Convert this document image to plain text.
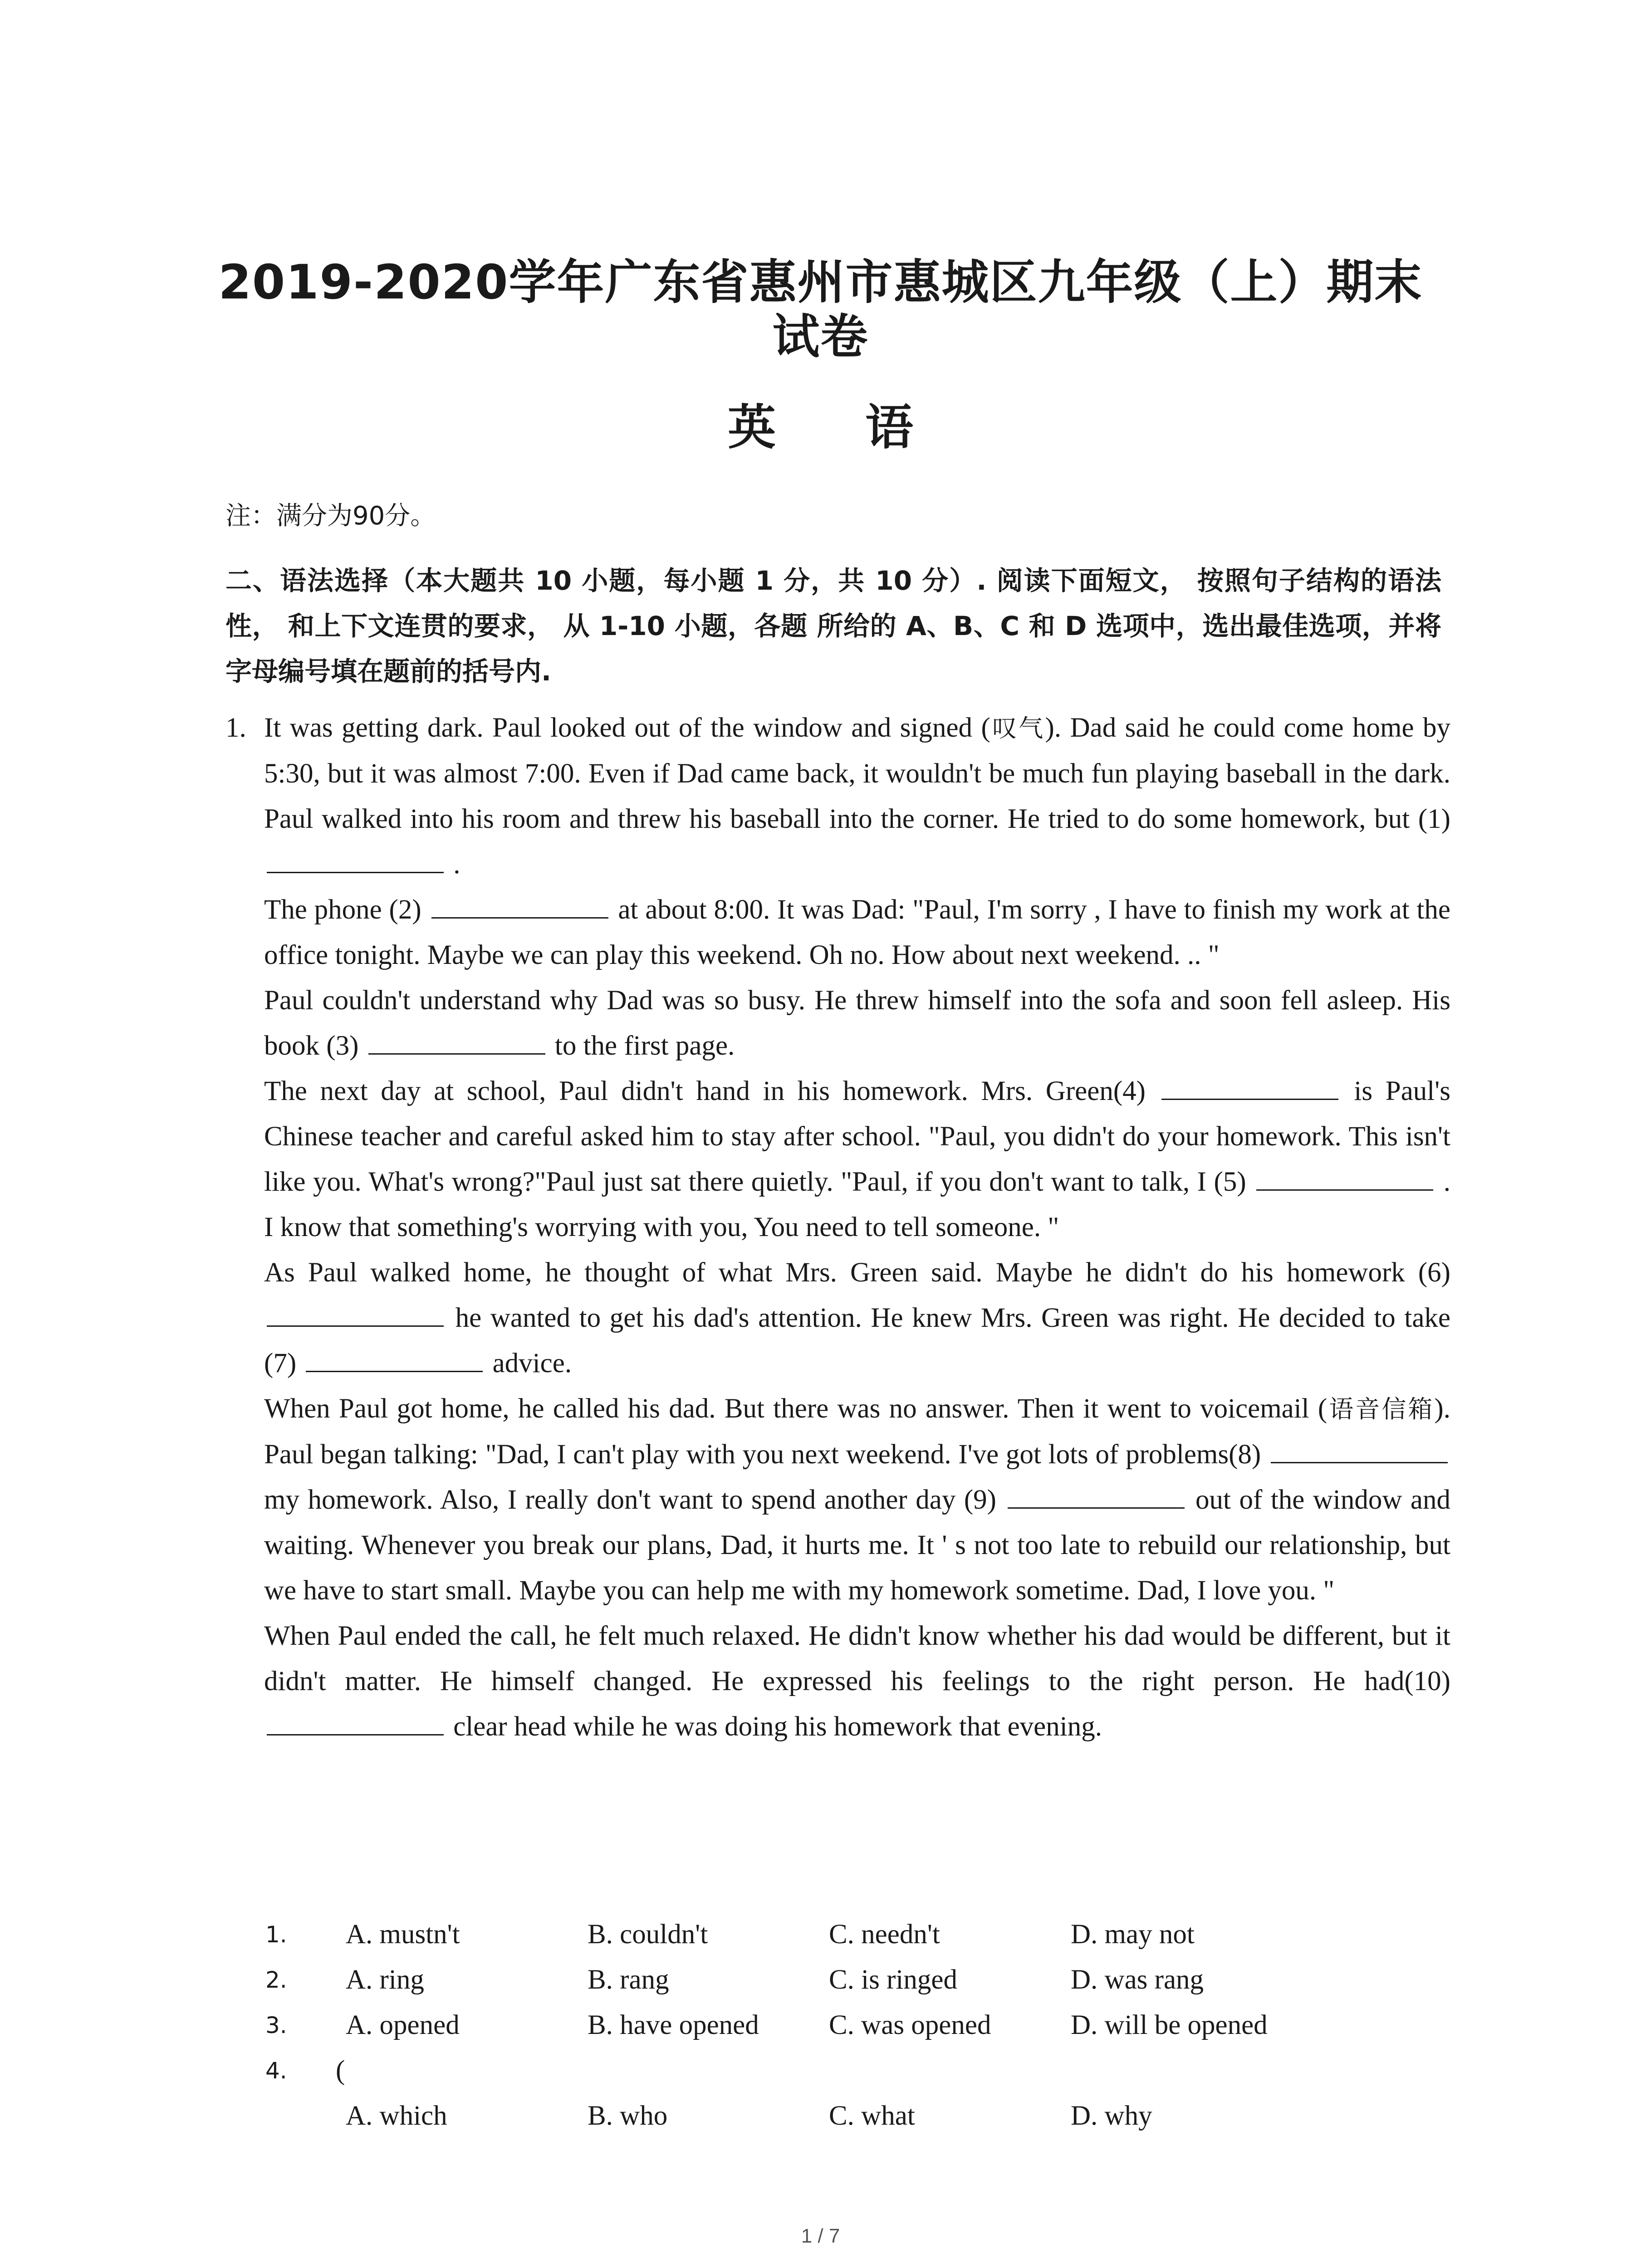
2019-2020学年广东省惠州市惠城区九年级（上）期末
试卷
英 语
注：满分为90分。
二、语法选择（本大题共 10 小题，每小题 1 分，共 10 分）. 阅读下面短文， 按照句子结构的语法性， 和上下文连贯的要求， 从 1-10 小题，各题 所给的 A、B、C 和 D 选项中，选出最佳选项，并将字母编号填在题前的括号内.
1. It was getting dark. Paul looked out of the window and signed (叹气). Dad said he could come home by 5:30, but it was almost 7:00. Even if Dad came back, it wouldn't be much fun playing baseball in the dark. Paul walked into his room and threw his baseball into the corner. He tried to do some homework, but (1)  .

The phone (2)	at about 8:00. It was Dad: "Paul, I'm sorry , I have to finish my work at the office tonight. Maybe we can play this weekend. Oh no. How about next weekend. .. "

Paul couldn't understand why Dad was so busy. He threw himself into the sofa and soon fell asleep. His book (3)	to the first page.

The next day at school, Paul didn't hand in his homework. Mrs. Green(4)	is Paul's Chinese teacher and careful asked him to stay after school. "Paul, you didn't do your homework. This isn't like you. What's wrong?"Paul just sat there quietly. "Paul, if you don't want to talk, I (5)	. I know that something's worrying with you, You need to tell someone. "

As Paul walked home, he thought of what Mrs. Green said. Maybe he didn't do his homework (6)  he wanted to get his dad's attention. He knew Mrs. Green was right. He decided to take (7)	advice.

When Paul got home, he called his dad. But there was no answer. Then it went to voicemail (语音信箱). Paul began talking: "Dad, I can't play with you next weekend. I've got lots of problems(8)  my homework. Also, I really don't want to spend another day (9)	out of the window and waiting. Whenever you break our plans, Dad, it hurts me. It ' s not too late to rebuild our relationship, but we have to start small. Maybe you can help me with my homework sometime. Dad, I love you. "

When Paul ended the call, he felt much relaxed. He didn't know whether his dad would be different, but it didn't matter. He himself changed. He expressed his feelings to the right person. He had(10)  clear head while he was doing his homework that evening.

1. A. mustn't	B. couldn't	C. needn't	D. may not
2. A. ring	B. rang	C. is ringed	D. was rang
3. A. opened	B. have opened	C. was opened	D. will be opened
4. (
A. which	B. who	C. what	D. why
1 / 7
